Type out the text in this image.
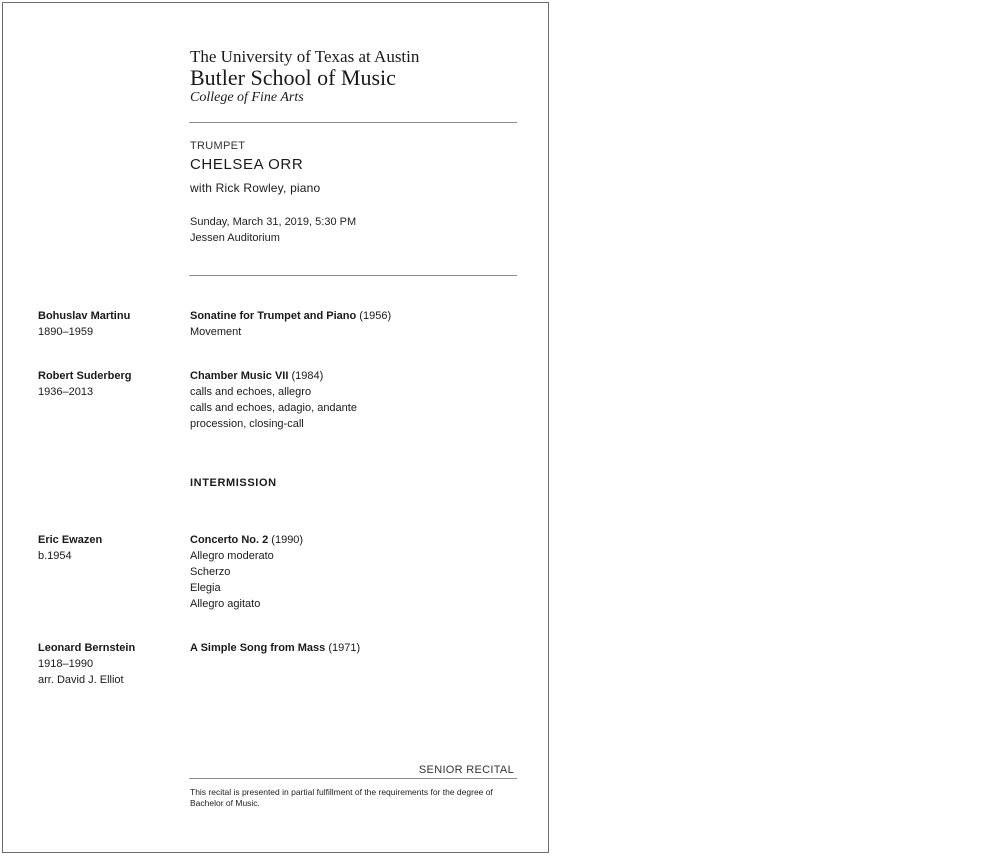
The University of Texas at Austin
Butler School of Music
College of Fine Arts
TRUMPET
CHELSEA ORR
with Rick Rowley, piano
Sunday, March 31, 2019, 5:30 PM
Jessen Auditorium
Bohuslav Martinu
1890–1959
Sonatine for Trumpet and Piano (1956)
Movement
Robert Suderberg
1936–2013
Chamber Music VII (1984)
calls and echoes, allegro
calls and echoes, adagio, andante
procession, closing-call
INTERMISSION
Eric Ewazen
b.1954
Concerto No. 2 (1990)
Allegro moderato
Scherzo
Elegia
Allegro agitato
Leonard Bernstein
1918–1990
arr. David J. Elliot
A Simple Song from Mass (1971)
SENIOR RECITAL
This recital is presented in partial fulfillment of the requirements for the degree of Bachelor of Music.
